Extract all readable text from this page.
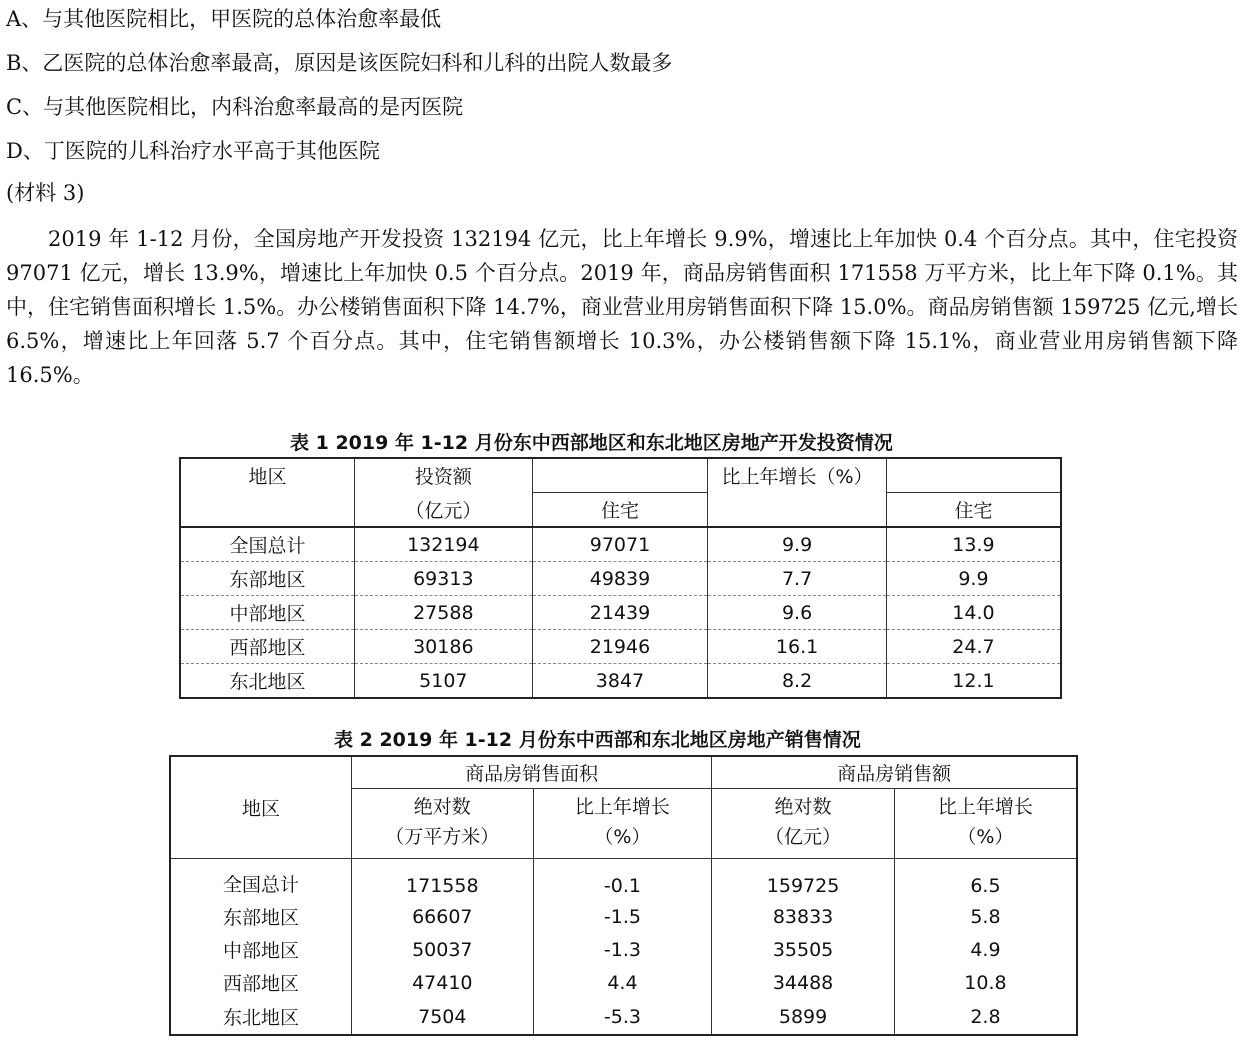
A、与其他医院相比，甲医院的总体治愈率最低
B、乙医院的总体治愈率最高，原因是该医院妇科和儿科的出院人数最多
C、与其他医院相比，内科治愈率最高的是丙医院
D、丁医院的儿科治疗水平高于其他医院
(材料 3)

2019 年 1-12 月份，全国房地产开发投资 132194 亿元，比上年增长 9.9%，增速比上年加快 0.4 个百分点。其中，住宅投资 97071 亿元，增长 13.9%，增速比上年加快 0.5 个百分点。2019 年，商品房销售面积 171558 万平方米，比上年下降 0.1%。其中，住宅销售面积增长 1.5%。办公楼销售面积下降 14.7%，商业营业用房销售面积下降 15.0%。商品房销售额 159725 亿元,增长 6.5%，增速比上年回落 5.7 个百分点。其中，住宅销售额增长 10.3%，办公楼销售额下降 15.1%，商业营业用房销售额下降 16.5%。

表 1 2019 年 1-12 月份东中西部地区和东北地区房地产开发投资情况
地区	投资额		比上年增长（%）	
	（亿元）	住宅		住宅
全国总计	132194	97071	9.9	13.9
东部地区	69313	49839	7.7	9.9
中部地区	27588	21439	9.6	14.0
西部地区	30186	21946	16.1	24.7
东北地区	5107	3847	8.2	12.1
表 2 2019 年 1-12 月份东中西部和东北地区房地产销售情况
地区	商品房销售面积		商品房销售额	
	绝对数	比上年增长	绝对数	比上年增长
	（万平方米）	（%）	（亿元）	（%）
全国总计	171558	-0.1	159725	6.5
东部地区	66607	-1.5	83833	5.8
中部地区	50037	-1.3	35505	4.9
西部地区	47410	4.4	34488	10.8
东北地区	7504	-5.3	5899	2.8
